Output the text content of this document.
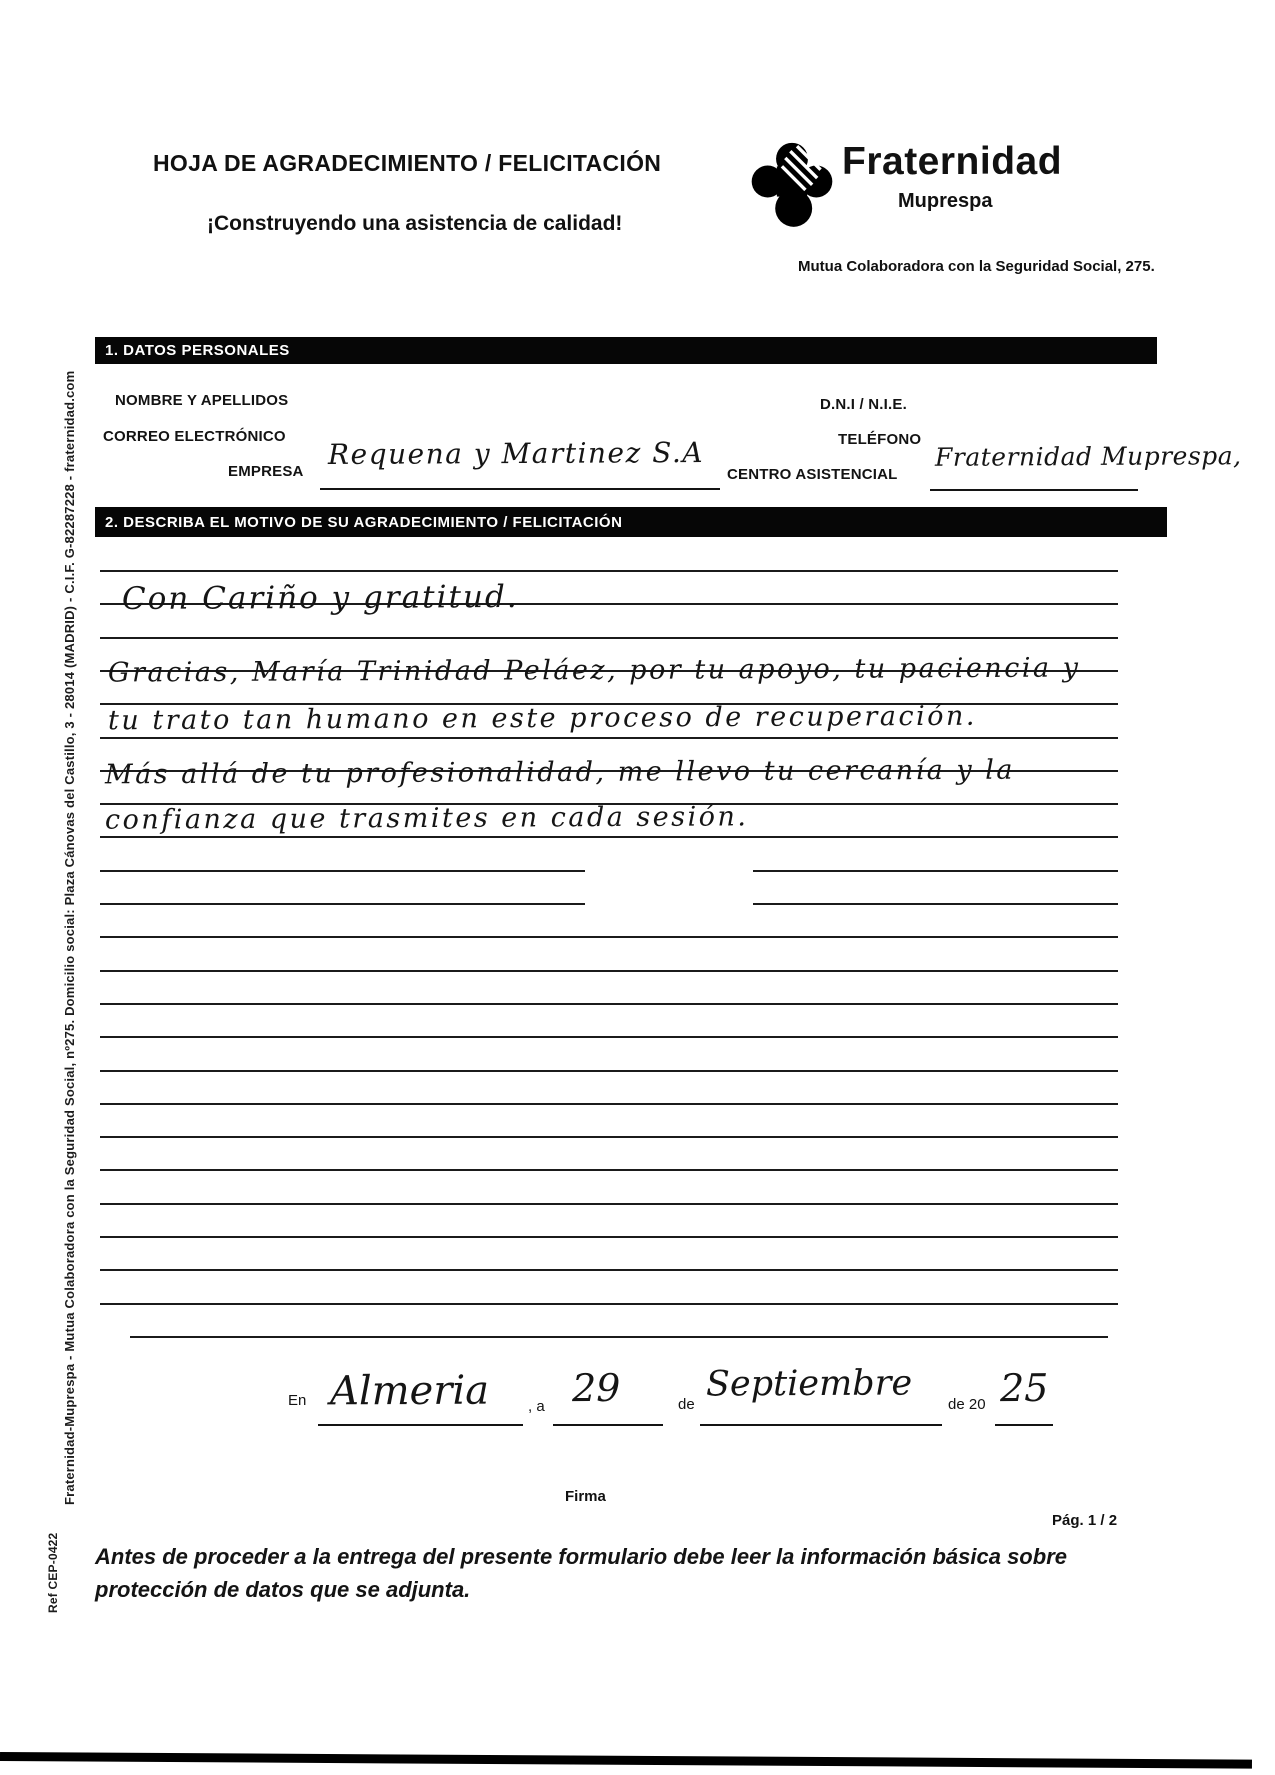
Fraternidad-Muprespa - Mutua Colaboradora con la Seguridad Social, nº275. Domicilio social: Plaza Cánovas del Castillo, 3 - 28014 (MADRID) - C.I.F. G-82287228 - fraternidad.com
Ref CEP-0422
HOJA DE AGRADECIMIENTO / FELICITACIÓN
¡Construyendo una asistencia de calidad!
Fraternidad
Muprespa
Mutua Colaboradora con la Seguridad Social, 275.
1. DATOS PERSONALES
NOMBRE Y APELLIDOS	D.N.I / N.I.E.
CORREO ELECTRÓNICO	TELÉFONO
EMPRESA
Requena y Martinez S.A
CENTRO ASISTENCIAL
Fraternidad Muprespa,
2. DESCRIBA EL MOTIVO DE SU AGRADECIMIENTO / FELICITACIÓN
Con Cariño y gratitud.
Gracias, María Trinidad Peláez, por tu apoyo, tu paciencia y
tu trato tan humano en este proceso de recuperación.
Más allá de tu profesionalidad, me llevo tu cercanía y la
confianza que trasmites en cada sesión.
En Almeria	, a 29	de Septiembre de 20 25
Firma
Pág. 1 / 2
Antes de proceder a la entrega del presente formulario debe leer la información básica sobre protección de datos que se adjunta.
